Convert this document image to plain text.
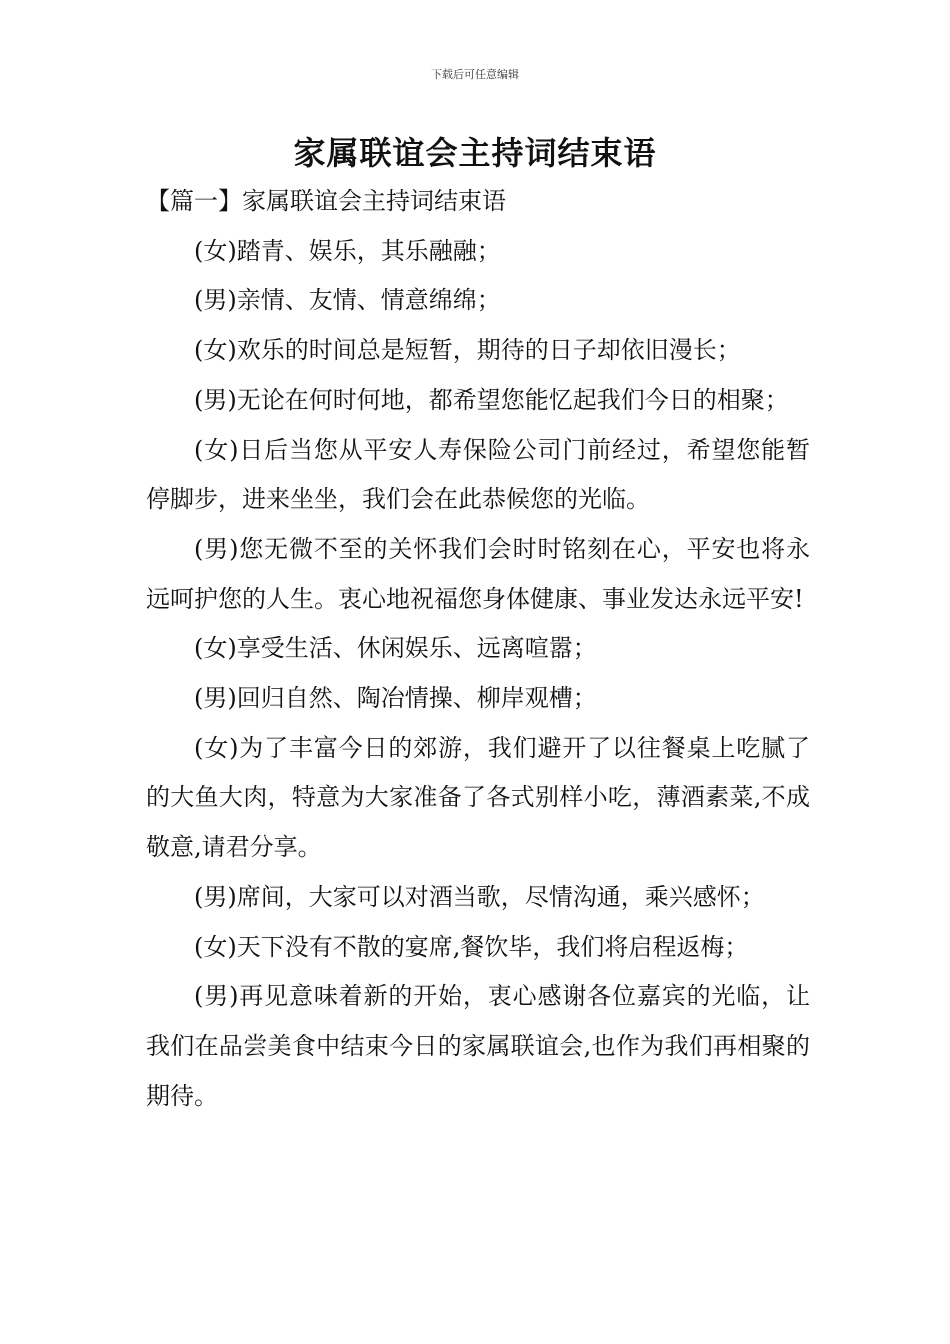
下载后可任意编辑
家属联谊会主持词结束语

【篇一】家属联谊会主持词结束语

(女)踏青、娱乐，其乐融融；

(男)亲情、友情、情意绵绵；

(女)欢乐的时间总是短暂，期待的日子却依旧漫长；

(男)无论在何时何地，都希望您能忆起我们今日的相聚；

(女)日后当您从平安人寿保险公司门前经过，希望您能暂停脚步，进来坐坐，我们会在此恭候您的光临。

(男)您无微不至的关怀我们会时时铭刻在心，平安也将永远呵护您的人生。衷心地祝福您身体健康、事业发达永远平安!

(女)享受生活、休闲娱乐、远离喧嚣；

(男)回归自然、陶冶情操、柳岸观槽；

(女)为了丰富今日的郊游，我们避开了以往餐桌上吃腻了的大鱼大肉，特意为大家准备了各式别样小吃，薄酒素菜,不成敬意,请君分享。

(男)席间，大家可以对酒当歌，尽情沟通，乘兴感怀；

(女)天下没有不散的宴席,餐饮毕，我们将启程返梅；

(男)再见意味着新的开始，衷心感谢各位嘉宾的光临，让我们在品尝美食中结束今日的家属联谊会,也作为我们再相聚的期待。
